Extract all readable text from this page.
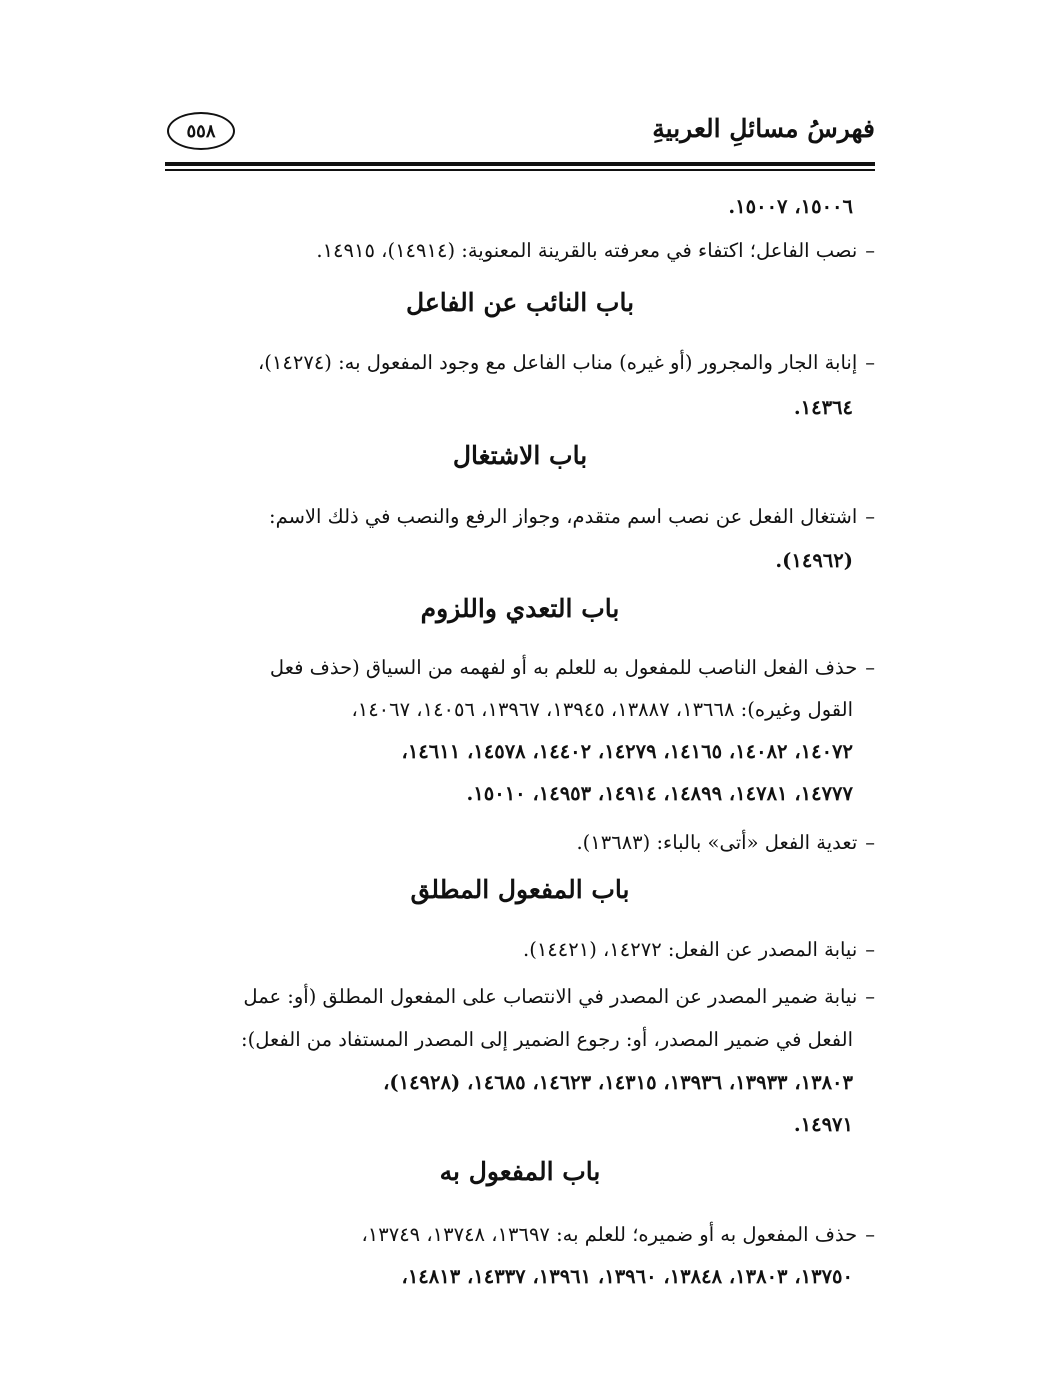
فهرسُ مسائلِ العربيةِ
٥٥٨
١٥٠٠٦، ١٥٠٠٧.
–نصب الفاعل؛ اكتفاء في معرفته بالقرينة المعنوية: (١٤٩١٤)، ١٤٩١٥.
باب النائب عن الفاعل
–إنابة الجار والمجرور (أو غيره) مناب الفاعل مع وجود المفعول به: (١٤٢٧٤)،
١٤٣٦٤.
باب الاشتغال
–اشتغال الفعل عن نصب اسم متقدم، وجواز الرفع والنصب في ذلك الاسم:
(١٤٩٦٢).
باب التعدي واللزوم
–حذف الفعل الناصب للمفعول به للعلم به أو لفهمه من السياق (حذف فعل
القول وغيره): ١٣٦٦٨، ١٣٨٨٧، ١٣٩٤٥، ١٣٩٦٧، ١٤٠٥٦، ١٤٠٦٧،
١٤٠٧٢، ١٤٠٨٢، ١٤١٦٥، ١٤٢٧٩، ١٤٤٠٢، ١٤٥٧٨، ١٤٦١١،
١٤٧٧٧، ١٤٧٨١، ١٤٨٩٩، ١٤٩١٤، ١٤٩٥٣، ١٥٠١٠.
–تعدية الفعل «أتى» بالباء: (١٣٦٨٣).
باب المفعول المطلق
–نيابة المصدر عن الفعل: ١٤٢٧٢، (١٤٤٢١).
–نيابة ضمير المصدر عن المصدر في الانتصاب على المفعول المطلق (أو: عمل
الفعل في ضمير المصدر، أو: رجوع الضمير إلى المصدر المستفاد من الفعل):
١٣٨٠٣، ١٣٩٣٣، ١٣٩٣٦، ١٤٣١٥، ١٤٦٢٣، ١٤٦٨٥، (١٤٩٢٨)،
١٤٩٧١.
باب المفعول به
–حذف المفعول به أو ضميره؛ للعلم به: ١٣٦٩٧، ١٣٧٤٨، ١٣٧٤٩،
١٣٧٥٠، ١٣٨٠٣، ١٣٨٤٨، ١٣٩٦٠، ١٣٩٦١، ١٤٣٣٧، ١٤٨١٣،
